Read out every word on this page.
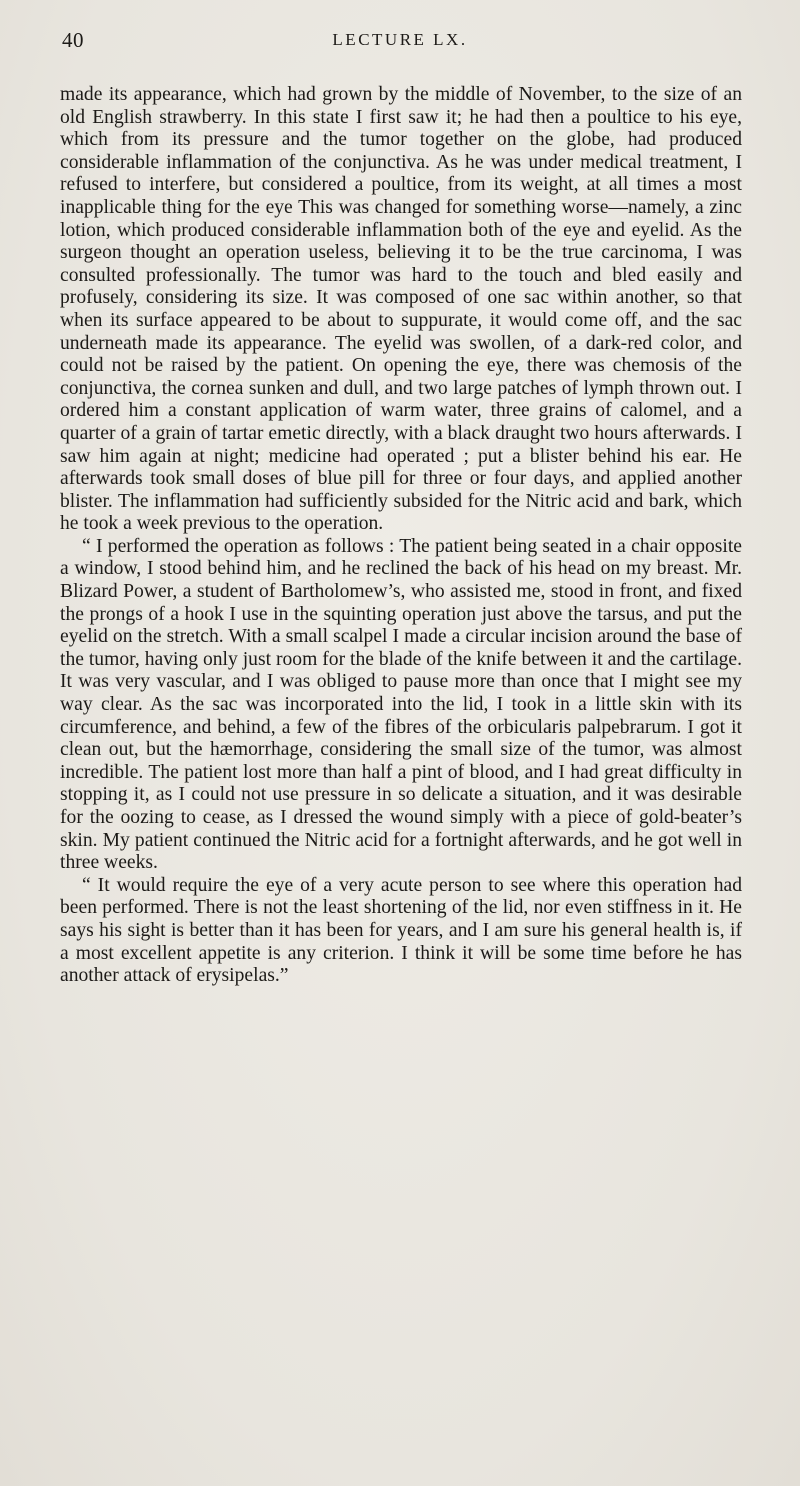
40	LECTURE LX.

made its appearance, which had grown by the middle of November, to the size of an old English strawberry. In this state I first saw it; he had then a poultice to his eye, which from its pressure and the tumor together on the globe, had produced considerable inflammation of the conjunctiva. As he was under medical treatment, I refused to interfere, but considered a poultice, from its weight, at all times a most inapplicable thing for the eye This was changed for something worse—namely, a zinc lotion, which produced considerable inflammation both of the eye and eyelid. As the surgeon thought an operation useless, believing it to be the true carcinoma, I was consulted professionally. The tumor was hard to the touch and bled easily and profusely, considering its size. It was composed of one sac within another, so that when its surface appeared to be about to suppurate, it would come off, and the sac underneath made its appearance. The eyelid was swollen, of a dark-red color, and could not be raised by the patient. On opening the eye, there was chemosis of the conjunctiva, the cornea sunken and dull, and two large patches of lymph thrown out. I ordered him a constant application of warm water, three grains of calomel, and a quarter of a grain of tartar emetic directly, with a black draught two hours afterwards. I saw him again at night; medicine had operated ; put a blister behind his ear. He afterwards took small doses of blue pill for three or four days, and applied another blister. The inflammation had sufficiently subsided for the Nitric acid and bark, which he took a week previous to the operation.

“ I performed the operation as follows : The patient being seated in a chair opposite a window, I stood behind him, and he reclined the back of his head on my breast. Mr. Blizard Power, a student of Bartholomew’s, who assisted me, stood in front, and fixed the prongs of a hook I use in the squinting operation just above the tarsus, and put the eyelid on the stretch. With a small scalpel I made a circular incision around the base of the tumor, having only just room for the blade of the knife between it and the cartilage. It was very vascular, and I was obliged to pause more than once that I might see my way clear. As the sac was incorporated into the lid, I took in a little skin with its circumference, and behind, a few of the fibres of the orbicularis palpebrarum. I got it clean out, but the hæmorrhage, considering the small size of the tumor, was almost incredible. The patient lost more than half a pint of blood, and I had great difficulty in stopping it, as I could not use pressure in so delicate a situation, and it was desirable for the oozing to cease, as I dressed the wound simply with a piece of gold-beater’s skin. My patient continued the Nitric acid for a fortnight afterwards, and he got well in three weeks.

“ It would require the eye of a very acute person to see where this operation had been performed. There is not the least shortening of the lid, nor even stiffness in it. He says his sight is better than it has been for years, and I am sure his general health is, if a most excellent appetite is any criterion. I think it will be some time before he has another attack of erysipelas.”
